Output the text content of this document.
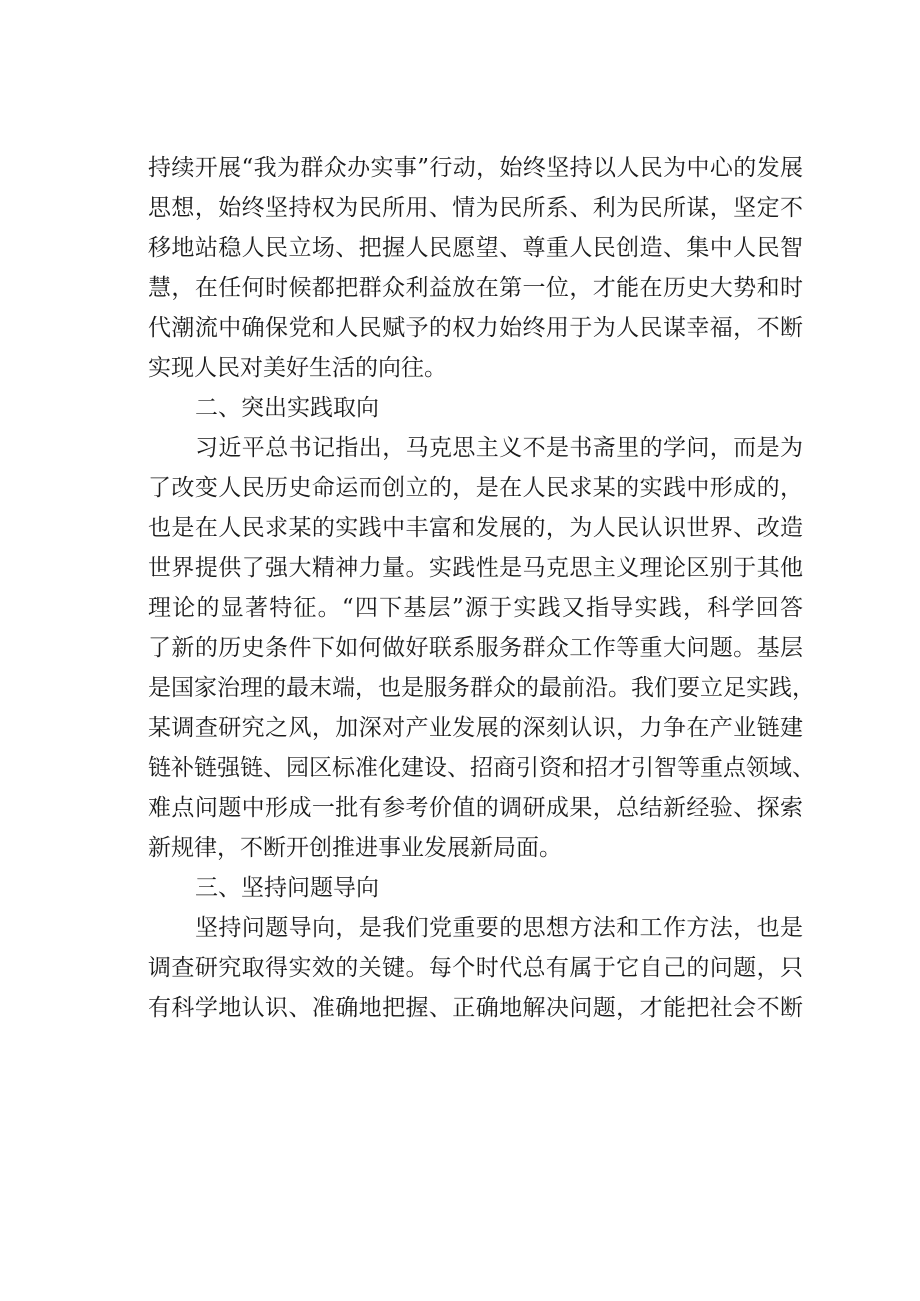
持续开展“我为群众办实事”行动，始终坚持以人民为中心的发展
思想，始终坚持权为民所用、情为民所系、利为民所谋，坚定不
移地站稳人民立场、把握人民愿望、尊重人民创造、集中人民智
慧，在任何时候都把群众利益放在第一位，才能在历史大势和时
代潮流中确保党和人民赋予的权力始终用于为人民谋幸福，不断
实现人民对美好生活的向往。
二、突出实践取向
习近平总书记指出，马克思主义不是书斋里的学问，而是为
了改变人民历史命运而创立的，是在人民求某的实践中形成的，
也是在人民求某的实践中丰富和发展的，为人民认识世界、改造
世界提供了强大精神力量。实践性是马克思主义理论区别于其他
理论的显著特征。“四下基层”源于实践又指导实践，科学回答
了新的历史条件下如何做好联系服务群众工作等重大问题。基层
是国家治理的最末端，也是服务群众的最前沿。我们要立足实践，
某调查研究之风，加深对产业发展的深刻认识，力争在产业链建
链补链强链、园区标准化建设、招商引资和招才引智等重点领域、
难点问题中形成一批有参考价值的调研成果，总结新经验、探索
新规律，不断开创推进事业发展新局面。
三、坚持问题导向
坚持问题导向，是我们党重要的思想方法和工作方法，也是
调查研究取得实效的关键。每个时代总有属于它自己的问题，只
有科学地认识、准确地把握、正确地解决问题，才能把社会不断
